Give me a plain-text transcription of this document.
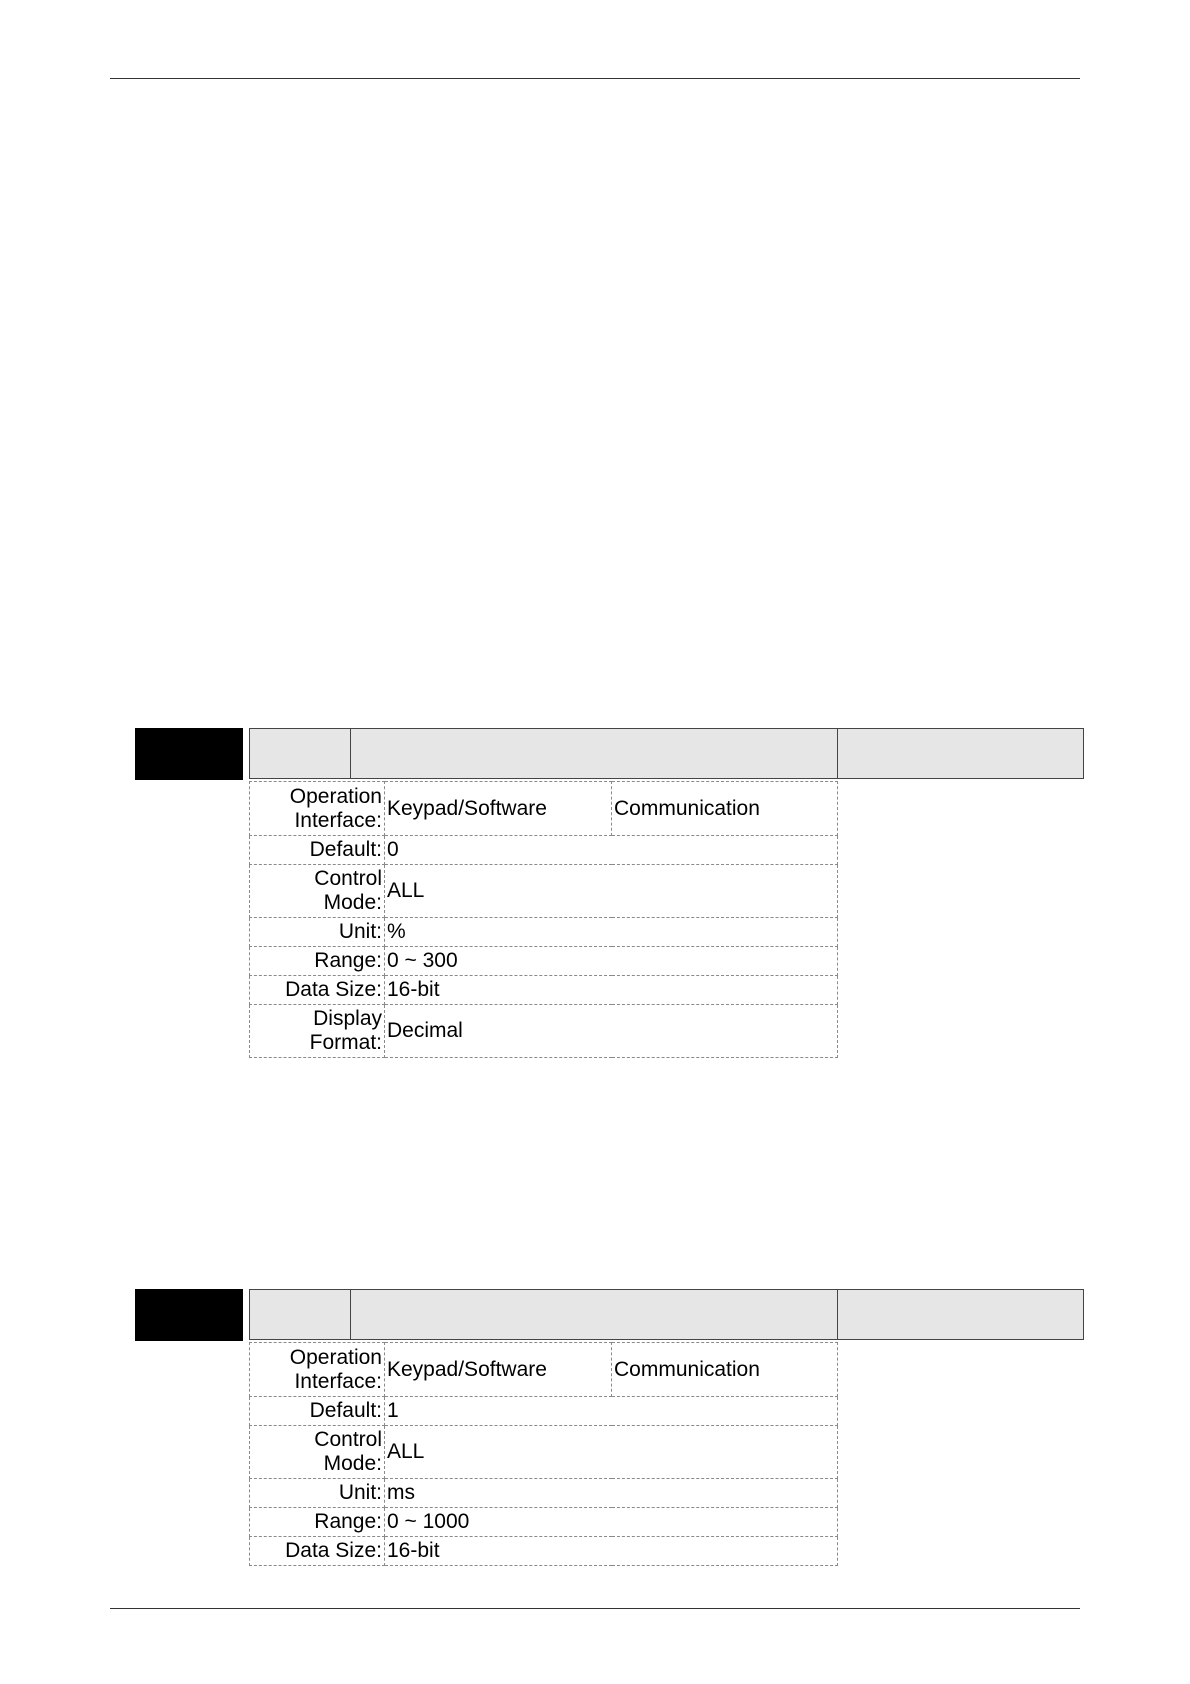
Operation Interface:	Keypad/Software	Communication
Default:	0	
Control Mode:	ALL	
Unit:	%	
Range:	0 ~ 300	
Data Size:	16-bit	
Display Format:	Decimal	
Operation Interface:	Keypad/Software	Communication
Default:	1	
Control Mode:	ALL	
Unit:	ms	
Range:	0 ~ 1000	
Data Size:	16-bit	
